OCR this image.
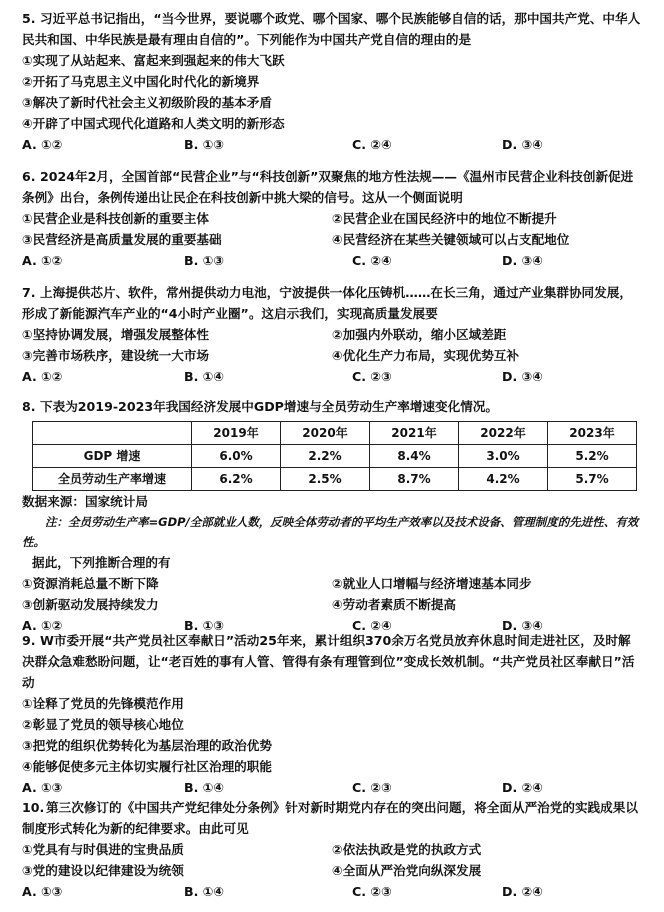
5. 习近平总书记指出，“当今世界，要说哪个政党、哪个国家、哪个民族能够自信的话，那中国共产党、中华人民共和国、中华民族是最有理由自信的”。下列能作为中国共产党自信的理由的是

①实现了从站起来、富起来到强起来的伟大飞跃
②开拓了马克思主义中国化时代化的新境界
③解决了新时代社会主义初级阶段的基本矛盾
④开辟了中国式现代化道路和人类文明的新形态
A. ①②	B. ①③	C. ②④	D. ③④

6. 2024年2月，全国首部“民营企业”与“科技创新”双聚焦的地方性法规——《温州市民营企业科技创新促进条例》出台，条例传递出让民企在科技创新中挑大梁的信号。这从一个侧面说明

①民营企业是科技创新的重要主体	②民营企业在国民经济中的地位不断提升
③民营经济是高质量发展的重要基础	④民营经济在某些关键领域可以占支配地位
A. ①②	B. ①③	C. ②④	D. ③④

7. 上海提供芯片、软件，常州提供动力电池，宁波提供一体化压铸机……在长三角，通过产业集群协同发展，形成了新能源汽车产业的“4小时产业圈”。这启示我们，实现高质量发展要

①坚持协调发展，增强发展整体性	②加强内外联动，缩小区域差距
③完善市场秩序，建设统一大市场	④优化生产力布局，实现优势互补
A. ①②	B. ①④	C. ②③	D. ③④

8. 下表为2019-2023年我国经济发展中GDP增速与全员劳动生产率增速变化情况。

	2019年	2020年	2021年	2022年	2023年
GDP 增速	6.0%	2.2%	8.4%	3.0%	5.2%
全员劳动生产率增速	6.2%	2.5%	8.7%	4.2%	5.7%
数据来源：国家统计局
注：全员劳动生产率=GDP/全部就业人数，反映全体劳动者的平均生产效率以及技术设备、管理制度的先进性、有效性。
据此，下列推断合理的有
①资源消耗总量不断下降	②就业人口增幅与经济增速基本同步
③创新驱动发展持续发力	④劳动者素质不断提高
A. ①②	B. ①③	C. ②④	D. ③④

9. W市委开展“共产党员社区奉献日”活动25年来，累计组织370余万名党员放弃休息时间走进社区，及时解决群众急难愁盼问题，让“老百姓的事有人管、管得有条有理管到位”变成长效机制。“共产党员社区奉献日”活动

①诠释了党员的先锋模范作用
②彰显了党员的领导核心地位
③把党的组织优势转化为基层治理的政治优势
④能够促使多元主体切实履行社区治理的职能
A. ①③	B. ①④	C. ②③	D. ②④

10. 第三次修订的《中国共产党纪律处分条例》针对新时期党内存在的突出问题，将全面从严治党的实践成果以制度形式转化为新的纪律要求。由此可见

①党具有与时俱进的宝贵品质	②依法执政是党的执政方式
③党的建设以纪律建设为统领	④全面从严治党向纵深发展
A. ①③	B. ①④	C. ②③	D. ②④
